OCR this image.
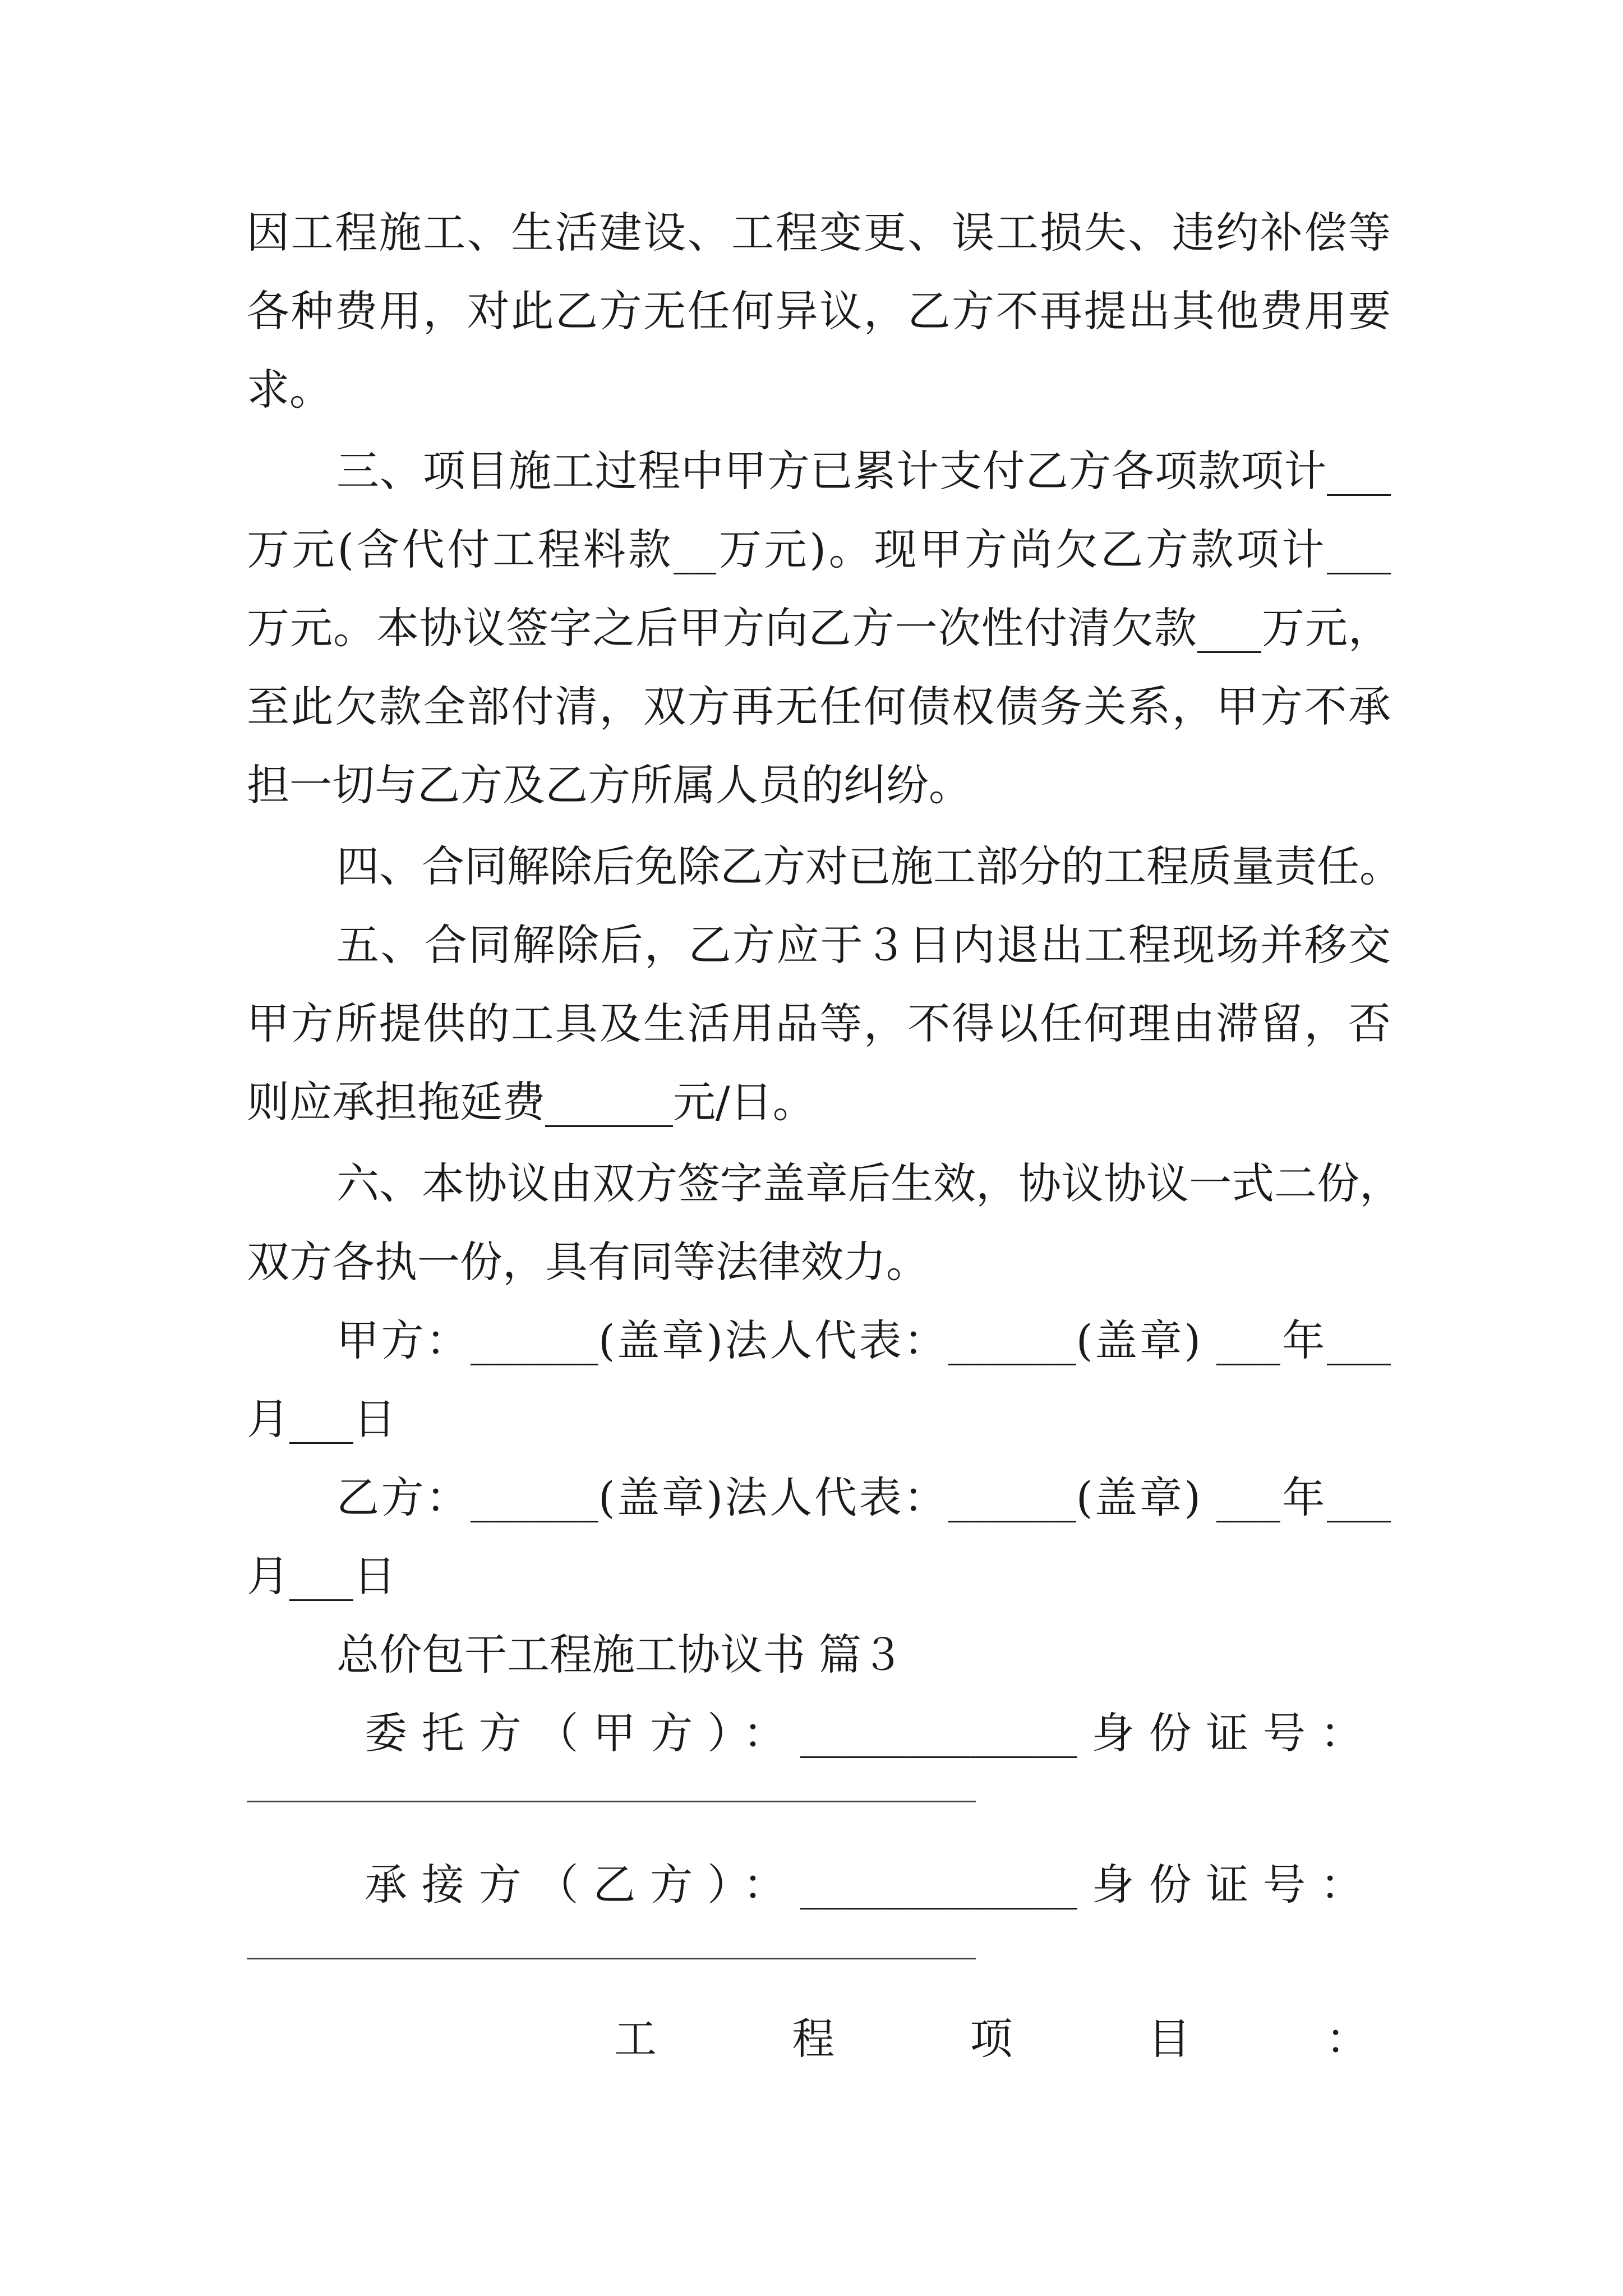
因工程施工、生活建设、工程变更、误工损失、违约补偿等
各种费用，对此乙方无任何异议，乙方不再提出其他费用要
求。
三、项目施工过程中甲方已累计支付乙方各项款项计___
万元(含代付工程料款__万元)。现甲方尚欠乙方款项计___
万元。本协议签字之后甲方向乙方一次性付清欠款___万元，
至此欠款全部付清，双方再无任何债权债务关系，甲方不承
担一切与乙方及乙方所属人员的纠纷。
四、合同解除后免除乙方对已施工部分的工程质量责任。
五、合同解除后，乙方应于３日内退出工程现场并移交
甲方所提供的工具及生活用品等，不得以任何理由滞留，否
则应承担拖延费______元/日。
六、本协议由双方签字盖章后生效，协议协议一式二份，
双方各执一份，具有同等法律效力。
甲方：______(盖章)法人代表：______(盖章) ___年___
月___日
乙方：______(盖章)法人代表：______(盖章) ___年___
月___日
总价包干工程施工协议书 篇３
委托方（甲方）：_____________身份证号：
承接方（乙方）：_____________身份证号：
工	程	项	目	：
